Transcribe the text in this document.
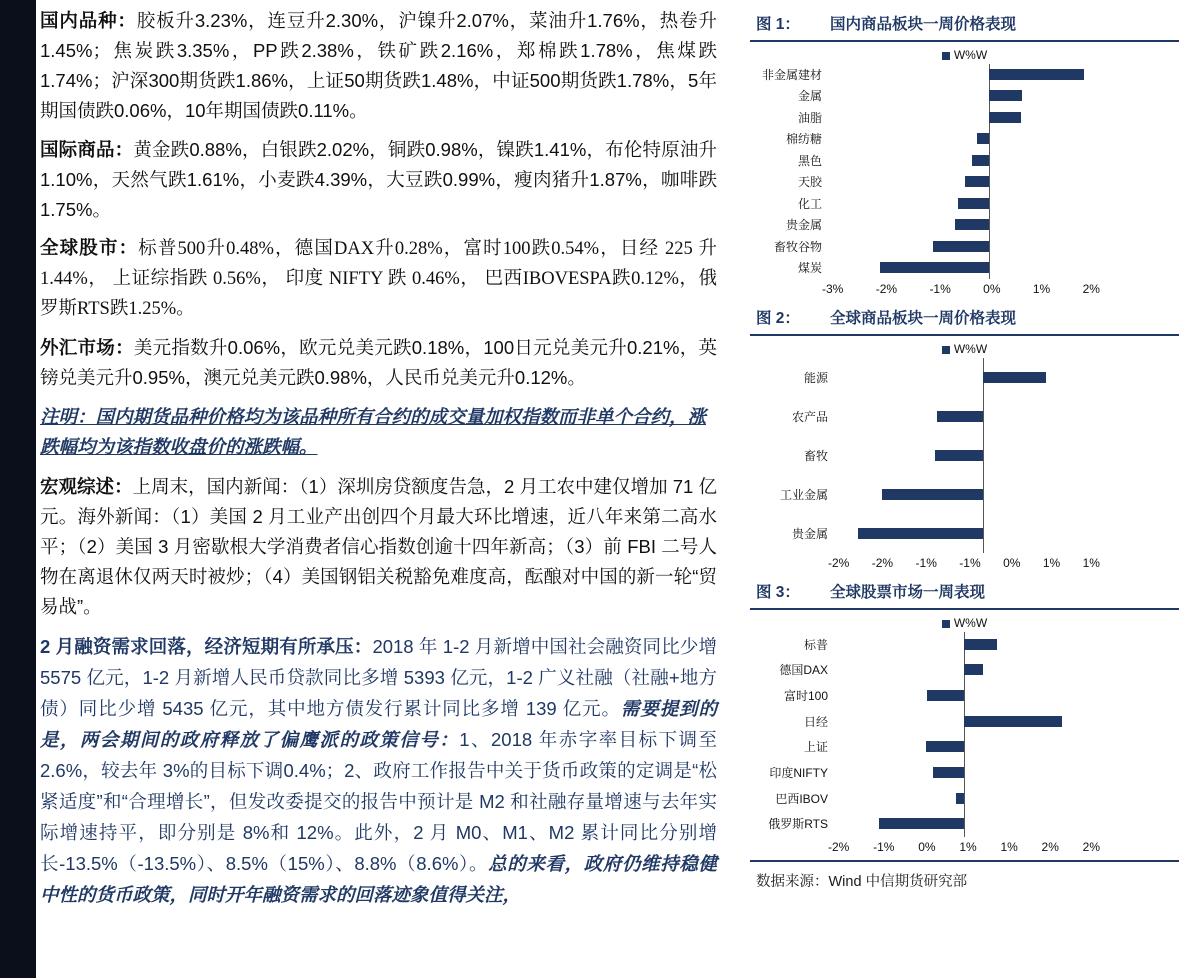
国内品种：胶板升3.23%，连豆升2.30%，沪镍升2.07%，菜油升1.76%，热卷升1.45%；焦炭跌3.35%，PP跌2.38%，铁矿跌2.16%，郑棉跌1.78%，焦煤跌1.74%；沪深300期货跌1.86%，上证50期货跌1.48%，中证500期货跌1.78%，5年期国债跌0.06%，10年期国债跌0.11%。

国际商品：黄金跌0.88%，白银跌2.02%，铜跌0.98%，镍跌1.41%，布伦特原油升1.10%，天然气跌1.61%，小麦跌4.39%，大豆跌0.99%，瘦肉猪升1.87%，咖啡跌1.75%。

全球股市：标普500升0.48%，德国DAX升0.28%，富时100跌0.54%，日经 225 升 1.44%， 上证综指跌 0.56%， 印度 NIFTY 跌 0.46%， 巴西IBOVESPA跌0.12%，俄罗斯RTS跌1.25%。

外汇市场：美元指数升0.06%，欧元兑美元跌0.18%，100日元兑美元升0.21%，英镑兑美元升0.95%，澳元兑美元跌0.98%，人民币兑美元升0.12%。

注明：国内期货品种价格均为该品种所有合约的成交量加权指数而非单个合约，涨跌幅均为该指数收盘价的涨跌幅。

宏观综述：上周末，国内新闻：（1）深圳房贷额度告急，2 月工农中建仅增加 71 亿元。海外新闻：（1）美国 2 月工业产出创四个月最大环比增速，近八年来第二高水平；（2）美国 3 月密歇根大学消费者信心指数创逾十四年新高；（3）前 FBI 二号人物在离退休仅两天时被炒；（4）美国钢铝关税豁免难度高，酝酿对中国的新一轮“贸易战”。

2 月融资需求回落，经济短期有所承压：2018 年 1-2 月新增中国社会融资同比少增 5575 亿元，1-2 月新增人民币贷款同比多增 5393 亿元，1-2 广义社融（社融+地方债）同比少增 5435 亿元，其中地方债发行累计同比多增 139 亿元。需要提到的是，两会期间的政府释放了偏鹰派的政策信号：1、2018 年赤字率目标下调至 2.6%，较去年 3%的目标下调0.4%；2、政府工作报告中关于货币政策的定调是“松紧适度”和“合理增长”，但发改委提交的报告中预计是 M2 和社融存量增速与去年实际增速持平，即分别是 8%和 12%。此外，2 月 M0、M1、M2 累计同比分别增长-13.5%（-13.5%）、8.5%（15%）、8.8%（8.6%）。总的来看，政府仍维持稳健中性的货币政策，同时开年融资需求的回落迹象值得关注，

图 1：	国内商品板块一周价格表现
W%W
非金属建材
金属
油脂
棉纺糖
黑色
天胶
化工
贵金属
畜牧谷物
煤炭
-3%	-2%	-1%	0%	1%	2%
图 2：	全球商品板块一周价格表现
W%W
能源
农产品
畜牧
工业金属
贵金属
-2% -2% -1% -1% 0% 1% 1%
图 3：	全球股票市场一周表现
W%W
标普
德国DAX
富时100
日经
上证
印度NIFTY
巴西IBOV
俄罗斯RTS
-2% -1% 0% 1% 1% 2% 2%
数据来源：Wind 中信期货研究部
